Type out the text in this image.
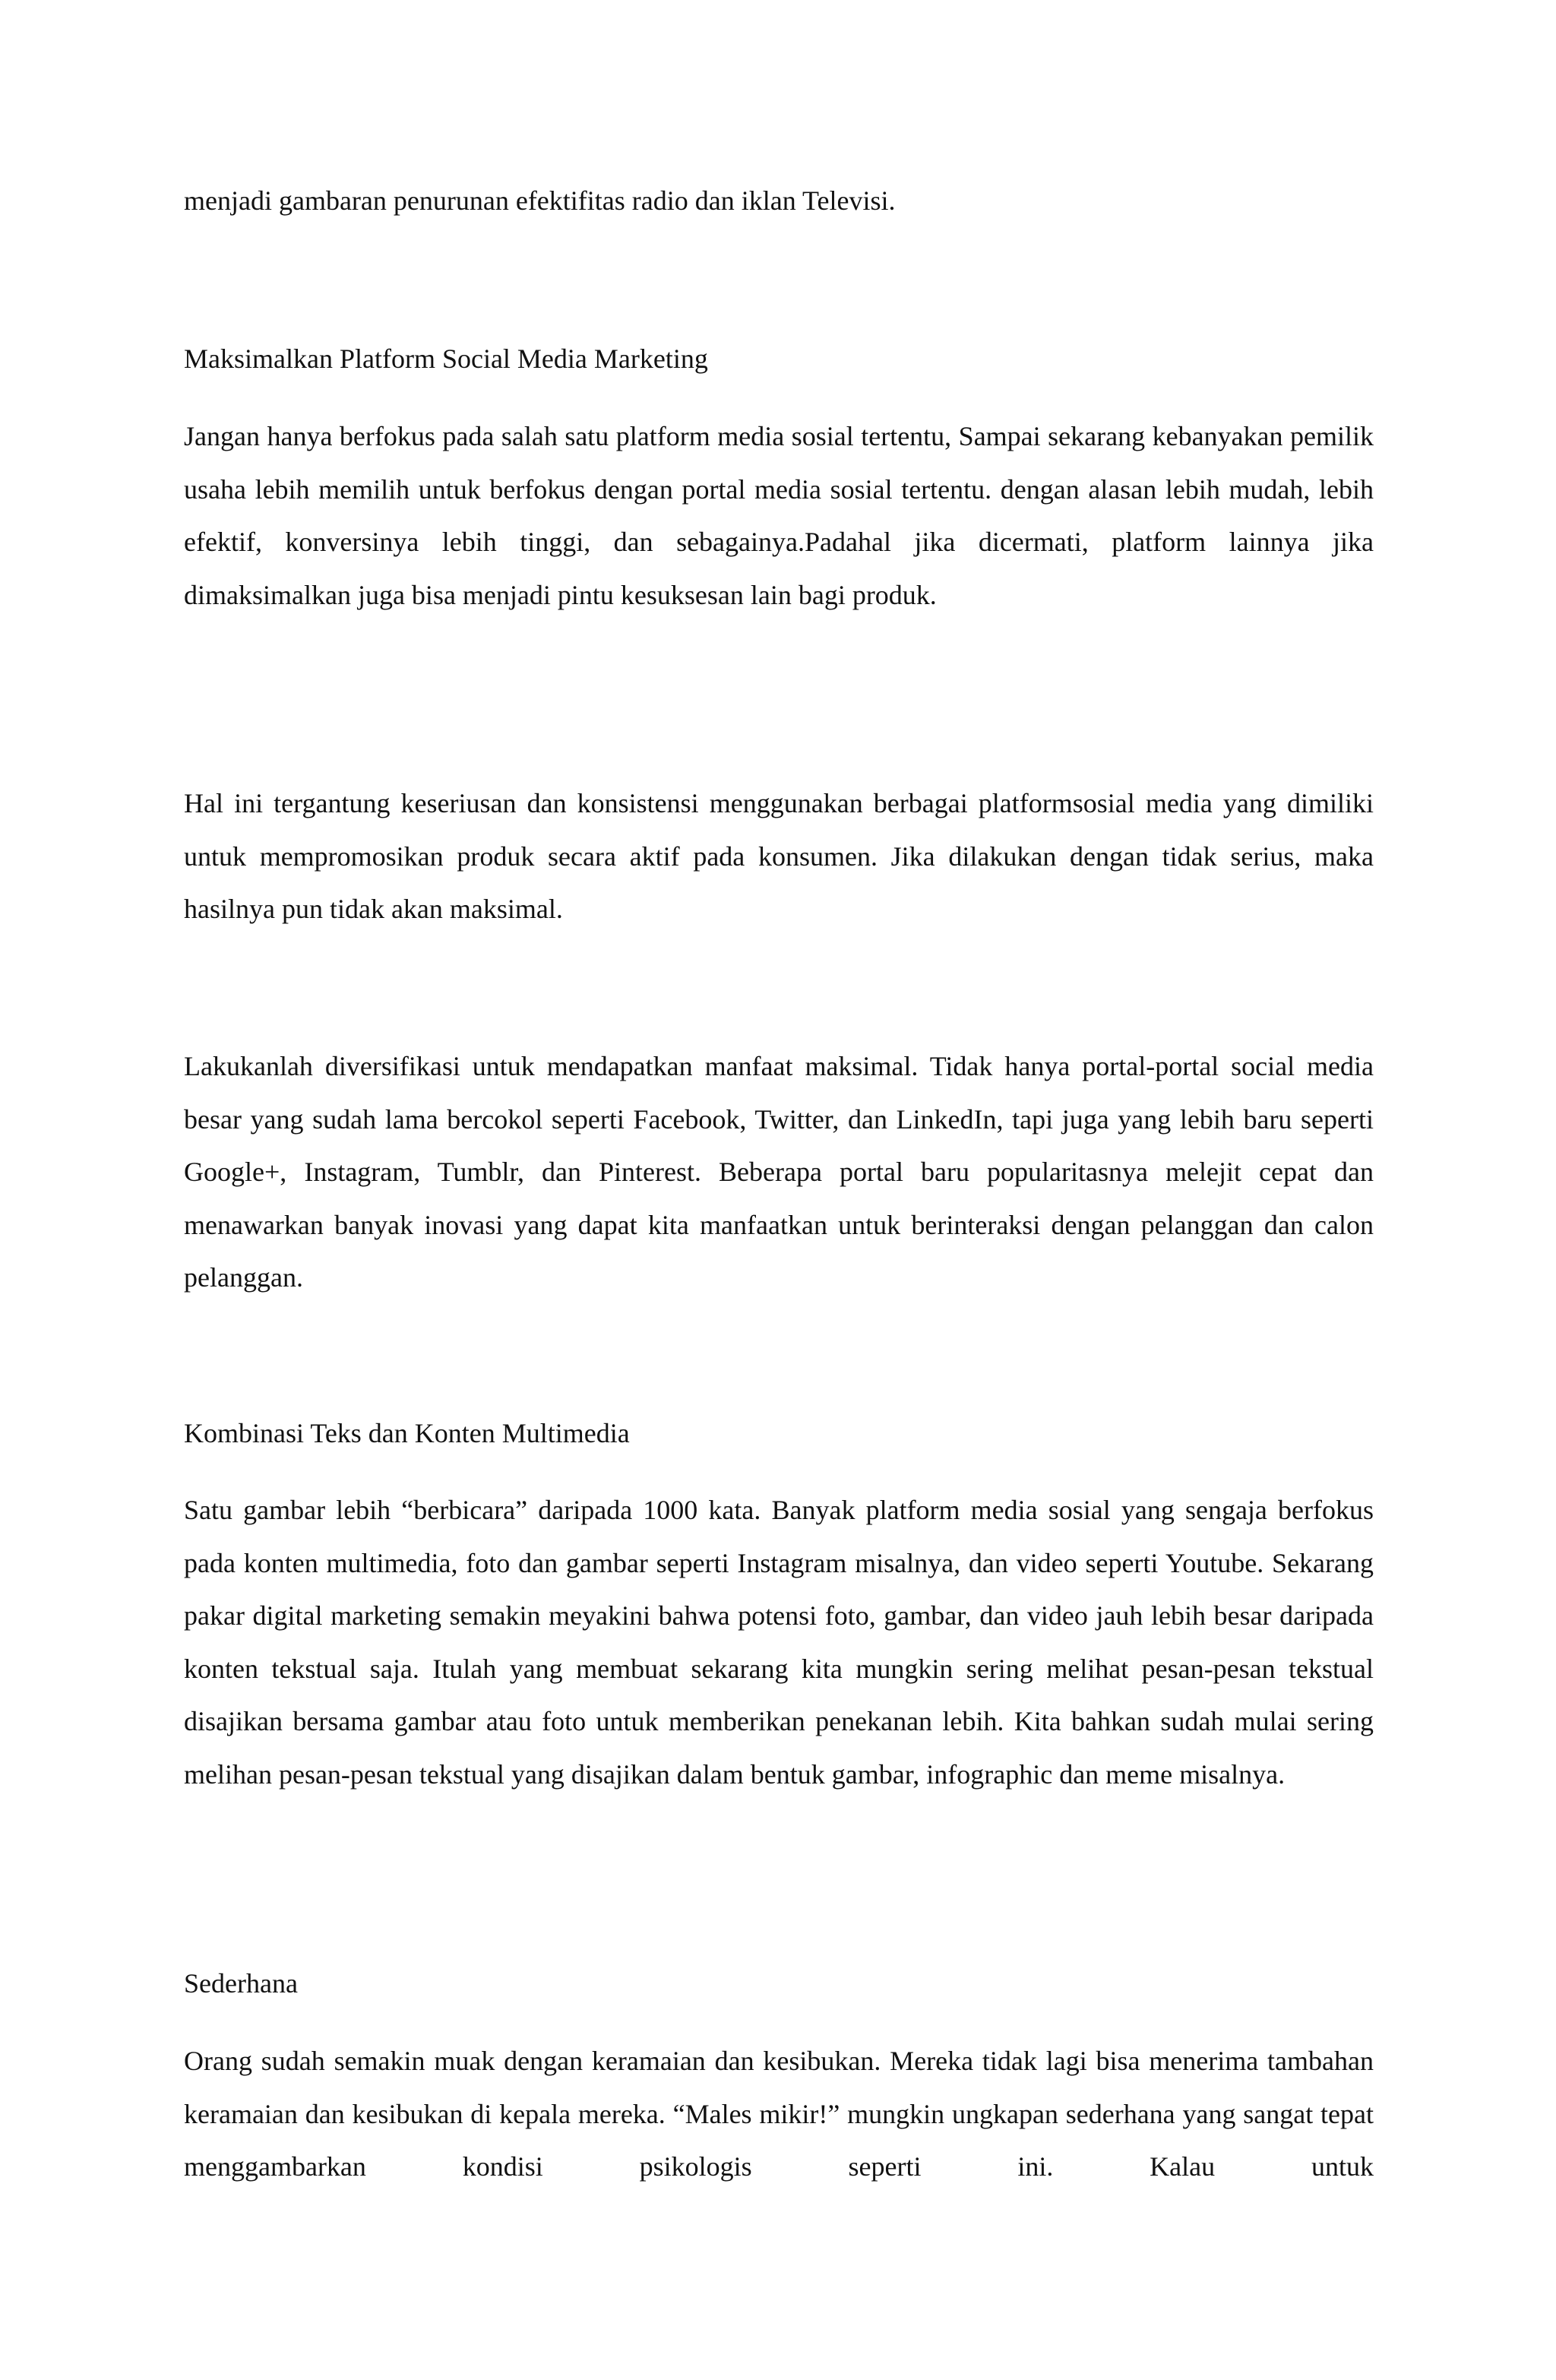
menjadi gambaran penurunan efektifitas radio dan iklan Televisi.
Maksimalkan Platform Social Media Marketing

Jangan hanya berfokus pada salah satu platform media sosial tertentu, Sampai sekarang kebanyakan pemilik usaha lebih memilih untuk berfokus dengan portal media sosial tertentu. dengan alasan lebih mudah, lebih efektif, konversinya lebih tinggi, dan sebagainya.Padahal jika dicermati, platform lainnya jika dimaksimalkan juga bisa menjadi pintu kesuksesan lain bagi produk.

Hal ini tergantung keseriusan dan konsistensi menggunakan berbagai platformsosial media yang dimiliki untuk mempromosikan produk secara aktif pada konsumen. Jika dilakukan dengan tidak serius, maka hasilnya pun tidak akan maksimal.

Lakukanlah diversifikasi untuk mendapatkan manfaat maksimal. Tidak hanya portal-portal social media besar yang sudah lama bercokol seperti Facebook, Twitter, dan LinkedIn, tapi juga yang lebih baru seperti Google+, Instagram, Tumblr, dan Pinterest. Beberapa portal baru popularitasnya melejit cepat dan menawarkan banyak inovasi yang dapat kita manfaatkan untuk berinteraksi dengan pelanggan dan calon pelanggan.

Kombinasi Teks dan Konten Multimedia

Satu gambar lebih “berbicara” daripada 1000 kata. Banyak platform media sosial yang sengaja berfokus pada konten multimedia, foto dan gambar seperti Instagram misalnya, dan video seperti Youtube. Sekarang pakar digital marketing semakin meyakini bahwa potensi foto, gambar, dan video jauh lebih besar daripada konten tekstual saja. Itulah yang membuat sekarang kita mungkin sering melihat pesan-pesan tekstual disajikan bersama gambar atau foto untuk memberikan penekanan lebih. Kita bahkan sudah mulai sering melihan pesan-pesan tekstual yang disajikan dalam bentuk gambar, infographic dan meme misalnya.

Sederhana

Orang sudah semakin muak dengan keramaian dan kesibukan. Mereka tidak lagi bisa menerima tambahan keramaian dan kesibukan di kepala mereka. “Males mikir!” mungkin ungkapan sederhana yang sangat tepat menggambarkan kondisi psikologis seperti ini. Kalau untuk
